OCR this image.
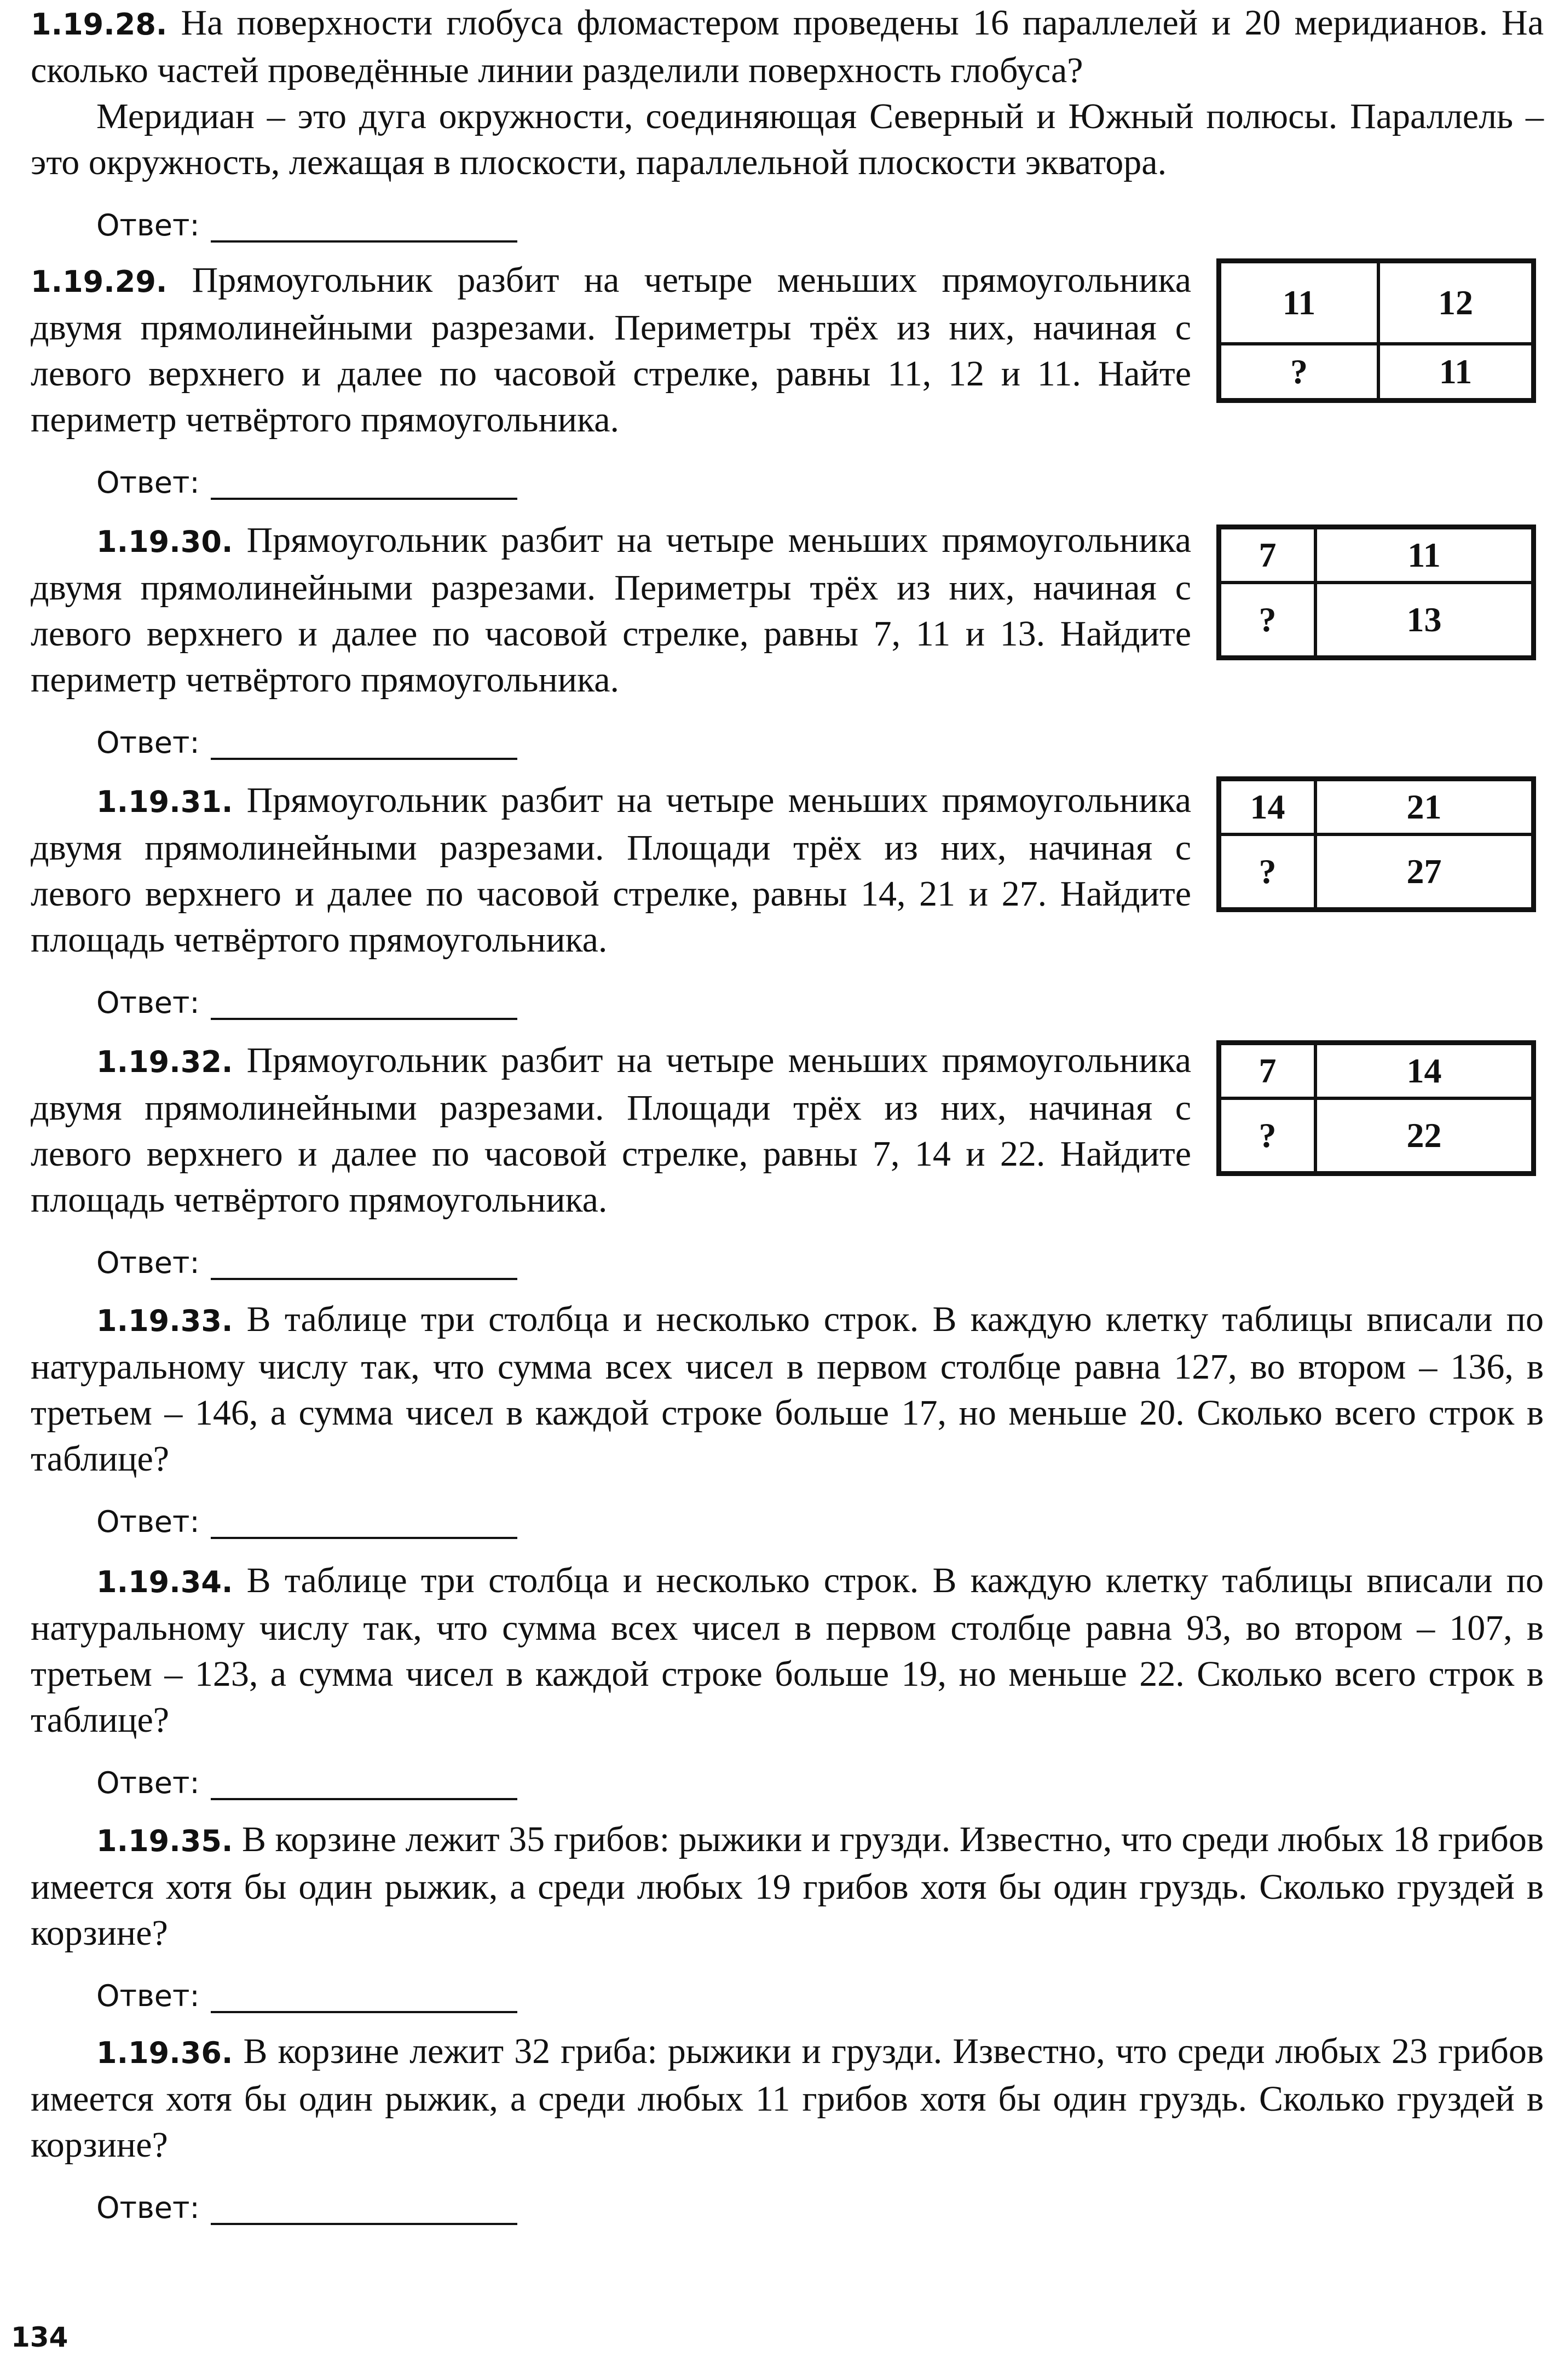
1.19.28. На поверхности глобуса фломастером проведены 16 параллелей и 20 меридианов. На сколько частей проведённые линии разделили поверхность глобуса?

Меридиан – это дуга окружности, соединяющая Северный и Южный полюсы. Параллель – это окружность, лежащая в плоскости, параллельной плоскости экватора.

Ответ:

1.19.29. Прямоугольник разбит на четыре меньших прямоугольника двумя прямолинейными разрезами. Периметры трёх из них, начиная с левого верхнего и далее по часовой стрелке, равны 11, 12 и 11. Найте периметр четвёртого прямоугольника.

Ответ:
11	12
?	11

1.19.30. Прямоугольник разбит на четыре меньших прямоугольника двумя прямолинейными разрезами. Периметры трёх из них, начиная с левого верхнего и далее по часовой стрелке, равны 7, 11 и 13. Найдите периметр четвёртого прямоугольника.

Ответ:
7	11
?	13

1.19.31. Прямоугольник разбит на четыре меньших прямоугольника двумя прямолинейными разрезами. Площади трёх из них, начиная с левого верхнего и далее по часовой стрелке, равны 14, 21 и 27. Найдите площадь четвёртого прямоугольника.

Ответ:
14	21
?	27

1.19.32. Прямоугольник разбит на четыре меньших прямоугольника двумя прямолинейными разрезами. Площади трёх из них, начиная с левого верхнего и далее по часовой стрелке, равны 7, 14 и 22. Найдите площадь четвёртого прямоугольника.

Ответ:
7	14
?	22

1.19.33. В таблице три столбца и несколько строк. В каждую клетку таблицы вписали по натуральному числу так, что сумма всех чисел в первом столбце равна 127, во втором – 136, в третьем – 146, а сумма чисел в каждой строке больше 17, но меньше 20. Сколько всего строк в таблице?

Ответ:

1.19.34. В таблице три столбца и несколько строк. В каждую клетку таблицы вписали по натуральному числу так, что сумма всех чисел в первом столбце равна 93, во втором – 107, в третьем – 123, а сумма чисел в каждой строке больше 19, но меньше 22. Сколько всего строк в таблице?

Ответ:

1.19.35. В корзине лежит 35 грибов: рыжики и грузди. Известно, что среди любых 18 грибов имеется хотя бы один рыжик, а среди любых 19 грибов хотя бы один груздь. Сколько груздей в корзине?

Ответ:

1.19.36. В корзине лежит 32 гриба: рыжики и грузди. Известно, что среди любых 23 грибов имеется хотя бы один рыжик, а среди любых 11 грибов хотя бы один груздь. Сколько груздей в корзине?

Ответ:
134
